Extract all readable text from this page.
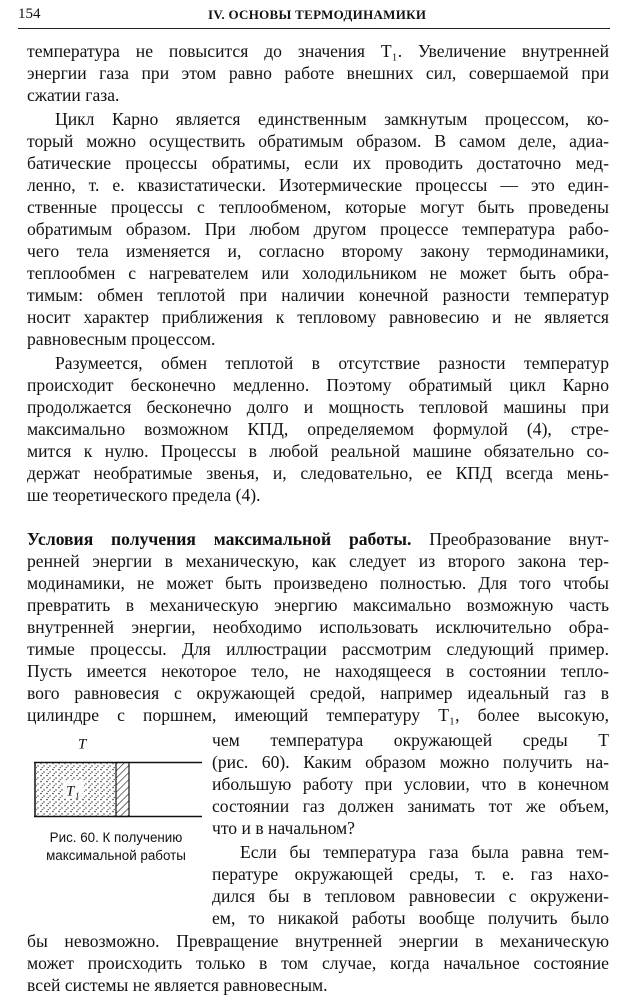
154	IV. ОСНОВЫ ТЕРМОДИНАМИКИ
температура не повысится до значения T₁. Увеличение внутренней
энергии газа при этом равно работе внешних сил, совершаемой при
сжатии газа.
Цикл Карно является единственным замкнутым процессом, ко-
торый можно осуществить обратимым образом. В самом деле, адиа-
батические процессы обратимы, если их проводить достаточно мед-
ленно, т. е. квазистатически. Изотермические процессы — это един-
ственные процессы с теплообменом, которые могут быть проведены
обратимым образом. При любом другом процессе температура рабо-
чего тела изменяется и, согласно второму закону термодинамики,
теплообмен с нагревателем или холодильником не может быть обра-
тимым: обмен теплотой при наличии конечной разности температур
носит характер приближения к тепловому равновесию и не является
равновесным процессом.
Разумеется, обмен теплотой в отсутствие разности температур
происходит бесконечно медленно. Поэтому обратимый цикл Карно
продолжается бесконечно долго и мощность тепловой машины при
максимально возможном КПД, определяемом формулой (4), стре-
мится к нулю. Процессы в любой реальной машине обязательно со-
держат необратимые звенья, и, следовательно, ее КПД всегда мень-
ше теоретического предела (4).
Условия получения максимальной работы. Преобразование внут-
ренней энергии в механическую, как следует из второго закона тер-
модинамики, не может быть произведено полностью. Для того чтобы
превратить в механическую энергию максимально возможную часть
внутренней энергии, необходимо использовать исключительно обра-
тимые процессы. Для иллюстрации рассмотрим следующий пример.
Пусть имеется некоторое тело, не находящееся в состоянии тепло-
вого равновесия с окружающей средой, например идеальный газ в
цилиндре с поршнем, имеющий температуру T₁, более высокую,
чем температура окружающей среды T
(рис. 60). Каким образом можно получить на-
ибольшую работу при условии, что в конечном
состоянии газ должен занимать тот же объем,
что и в начальном?
Если бы температура газа была равна тем-
пературе окружающей среды, т. е. газ нахо-
дился бы в тепловом равновесии с окружени-
ем, то никакой работы вообще получить было
бы невозможно. Превращение внутренней энергии в механическую
может происходить только в том случае, когда начальное состояние
всей системы не является равновесным.
T
T₁
Рис. 60. К получению
максимальной работы
